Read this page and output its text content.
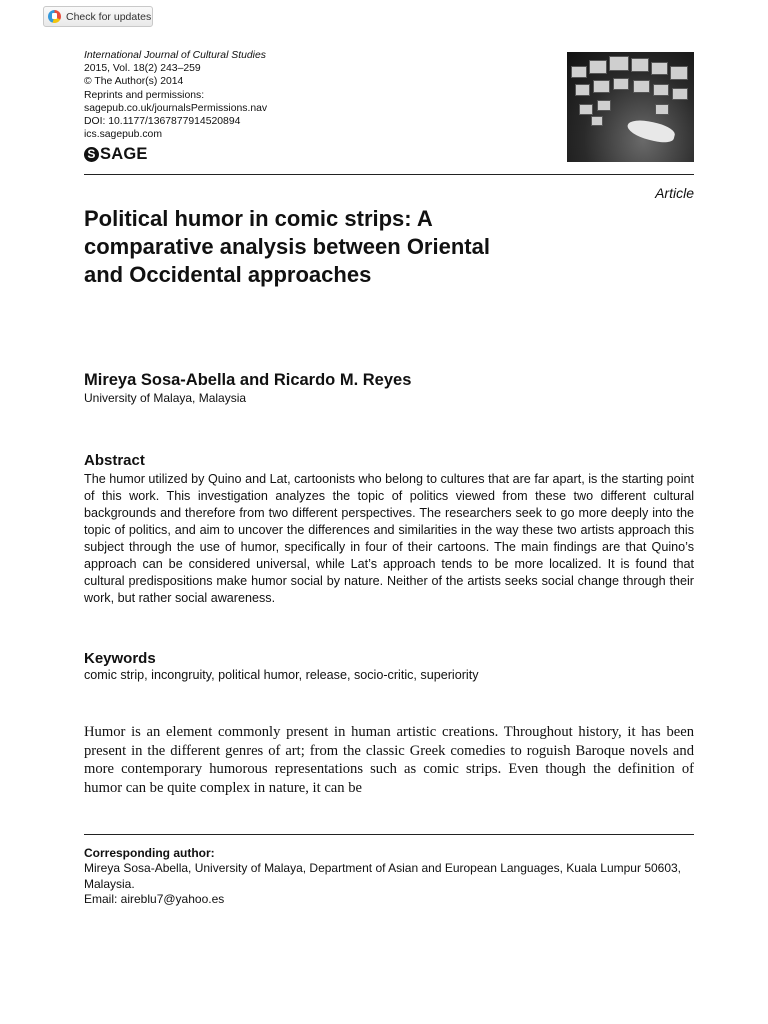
Check for updates
International Journal of Cultural Studies
2015, Vol. 18(2) 243–259
© The Author(s) 2014
Reprints and permissions:
sagepub.co.uk/journalsPermissions.nav
DOI: 10.1177/1367877914520894
ics.sagepub.com
S SAGE
Article
Political humor in comic strips: A comparative analysis between Oriental and Occidental approaches
Mireya Sosa-Abella and Ricardo M. Reyes
University of Malaya, Malaysia
Abstract

The humor utilized by Quino and Lat, cartoonists who belong to cultures that are far apart, is the starting point of this work. This investigation analyzes the topic of politics viewed from these two different cultural backgrounds and therefore from two different perspectives. The researchers seek to go more deeply into the topic of politics, and aim to uncover the differences and similarities in the way these two artists approach this subject through the use of humor, specifically in four of their cartoons. The main findings are that Quino’s approach can be considered universal, while Lat’s approach tends to be more localized. It is found that cultural predispositions make humor social by nature. Neither of the artists seeks social change through their work, but rather social awareness.

Keywords
comic strip, incongruity, political humor, release, socio-critic, superiority

Humor is an element commonly present in human artistic creations. Throughout history, it has been present in the different genres of art; from the classic Greek comedies to roguish Baroque novels and more contemporary humorous representations such as comic strips. Even though the definition of humor can be quite complex in nature, it can be

Corresponding author:
Mireya Sosa-Abella, University of Malaya, Department of Asian and European Languages, Kuala Lumpur 50603, Malaysia.
Email: aireblu7@yahoo.es
